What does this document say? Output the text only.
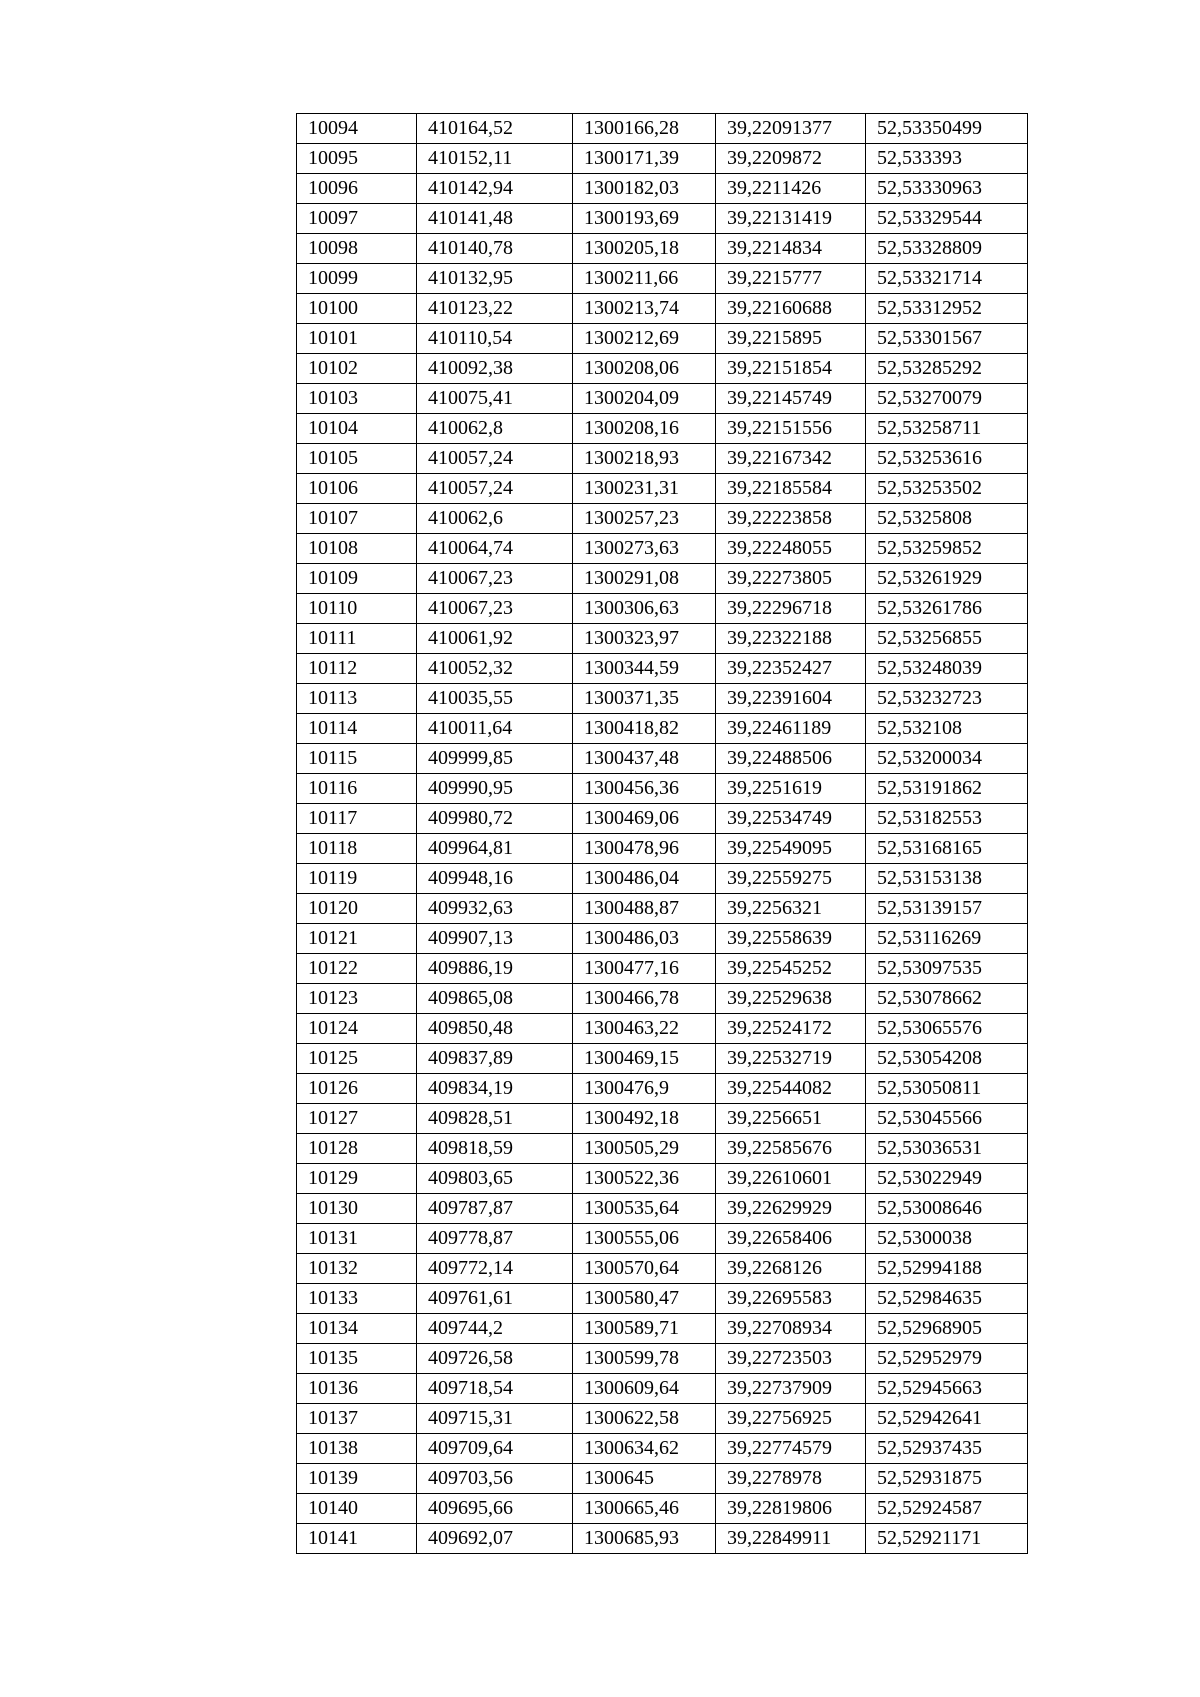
10094	410164,52	1300166,28	39,22091377	52,53350499
10095	410152,11	1300171,39	39,2209872	52,533393
10096	410142,94	1300182,03	39,2211426	52,53330963
10097	410141,48	1300193,69	39,22131419	52,53329544
10098	410140,78	1300205,18	39,2214834	52,53328809
10099	410132,95	1300211,66	39,2215777	52,53321714
10100	410123,22	1300213,74	39,22160688	52,53312952
10101	410110,54	1300212,69	39,2215895	52,53301567
10102	410092,38	1300208,06	39,22151854	52,53285292
10103	410075,41	1300204,09	39,22145749	52,53270079
10104	410062,8	1300208,16	39,22151556	52,53258711
10105	410057,24	1300218,93	39,22167342	52,53253616
10106	410057,24	1300231,31	39,22185584	52,53253502
10107	410062,6	1300257,23	39,22223858	52,5325808
10108	410064,74	1300273,63	39,22248055	52,53259852
10109	410067,23	1300291,08	39,22273805	52,53261929
10110	410067,23	1300306,63	39,22296718	52,53261786
10111	410061,92	1300323,97	39,22322188	52,53256855
10112	410052,32	1300344,59	39,22352427	52,53248039
10113	410035,55	1300371,35	39,22391604	52,53232723
10114	410011,64	1300418,82	39,22461189	52,532108
10115	409999,85	1300437,48	39,22488506	52,53200034
10116	409990,95	1300456,36	39,2251619	52,53191862
10117	409980,72	1300469,06	39,22534749	52,53182553
10118	409964,81	1300478,96	39,22549095	52,53168165
10119	409948,16	1300486,04	39,22559275	52,53153138
10120	409932,63	1300488,87	39,2256321	52,53139157
10121	409907,13	1300486,03	39,22558639	52,53116269
10122	409886,19	1300477,16	39,22545252	52,53097535
10123	409865,08	1300466,78	39,22529638	52,53078662
10124	409850,48	1300463,22	39,22524172	52,53065576
10125	409837,89	1300469,15	39,22532719	52,53054208
10126	409834,19	1300476,9	39,22544082	52,53050811
10127	409828,51	1300492,18	39,2256651	52,53045566
10128	409818,59	1300505,29	39,22585676	52,53036531
10129	409803,65	1300522,36	39,22610601	52,53022949
10130	409787,87	1300535,64	39,22629929	52,53008646
10131	409778,87	1300555,06	39,22658406	52,5300038
10132	409772,14	1300570,64	39,2268126	52,52994188
10133	409761,61	1300580,47	39,22695583	52,52984635
10134	409744,2	1300589,71	39,22708934	52,52968905
10135	409726,58	1300599,78	39,22723503	52,52952979
10136	409718,54	1300609,64	39,22737909	52,52945663
10137	409715,31	1300622,58	39,22756925	52,52942641
10138	409709,64	1300634,62	39,22774579	52,52937435
10139	409703,56	1300645	39,2278978	52,52931875
10140	409695,66	1300665,46	39,22819806	52,52924587
10141	409692,07	1300685,93	39,22849911	52,52921171
